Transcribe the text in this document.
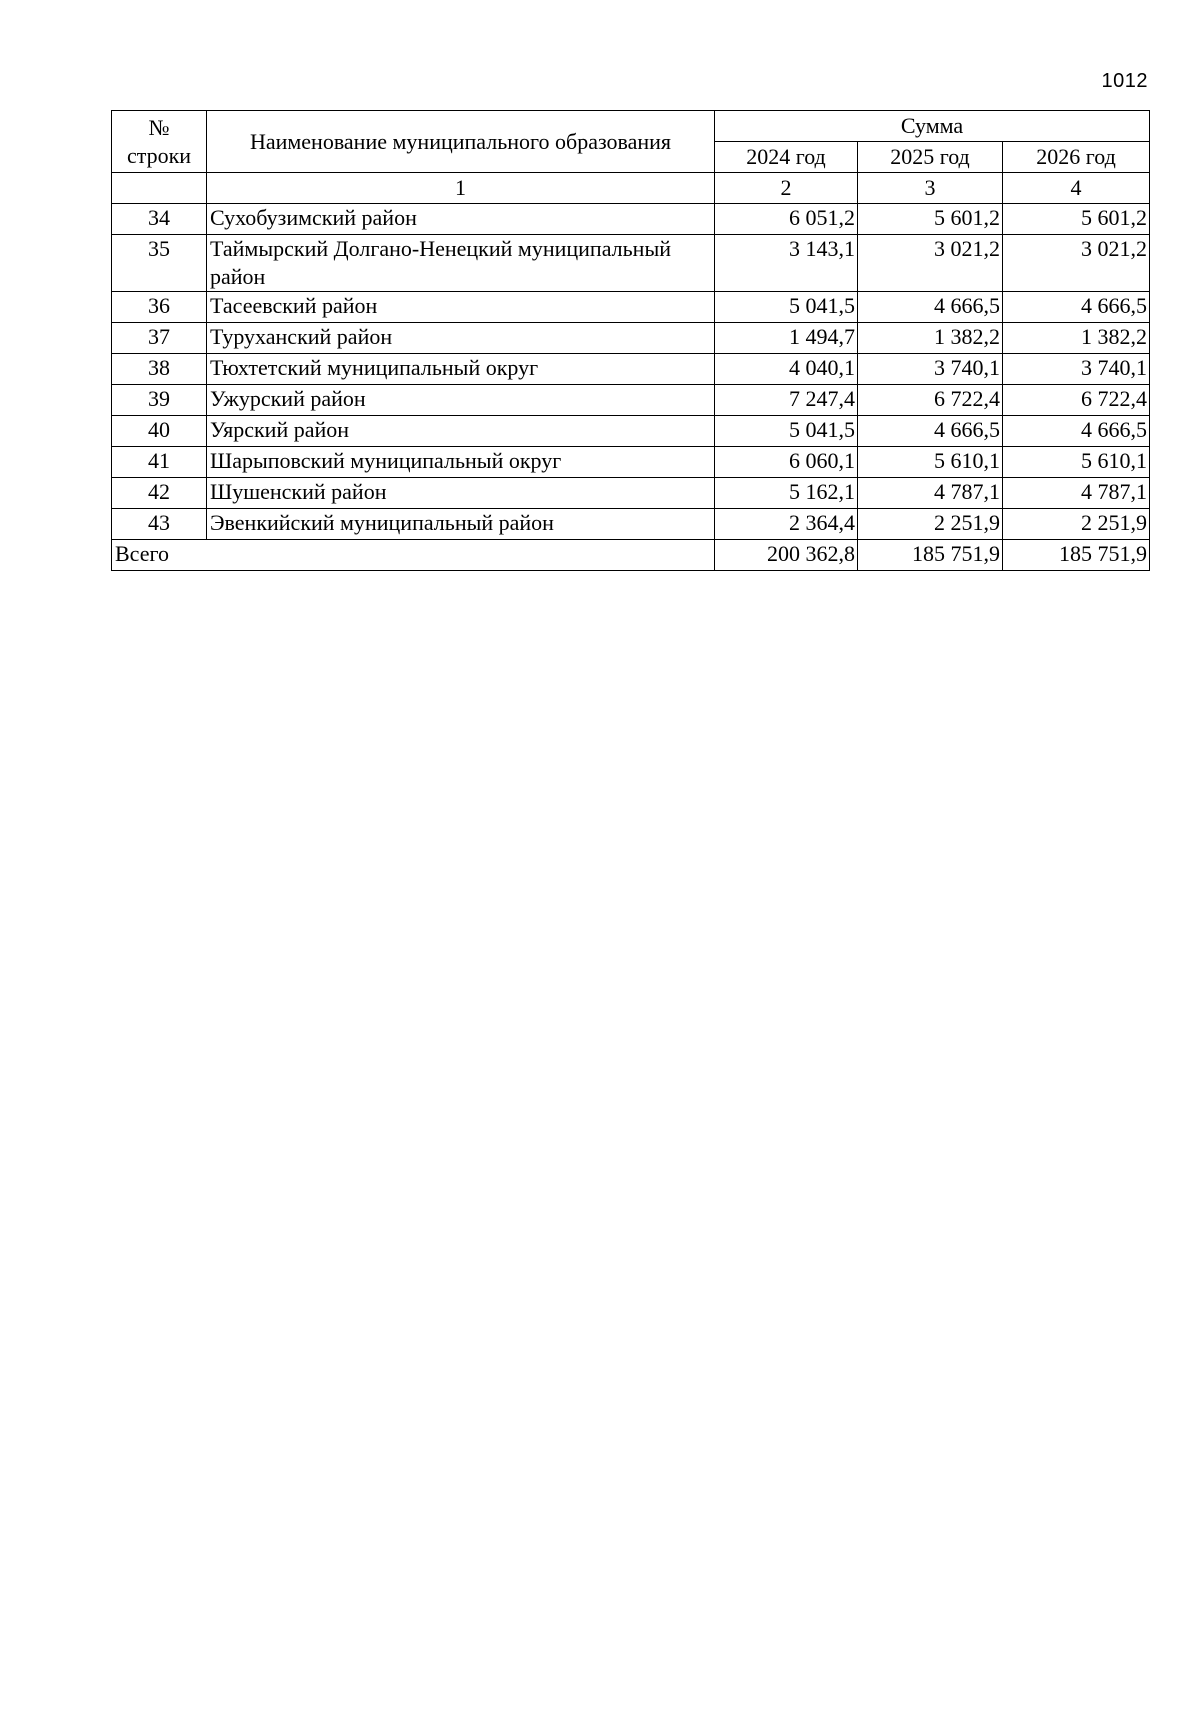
1012
№
строки	Наименование муниципального образования	Сумма		
		2024 год	2025 год	2026 год
	1	2	3	4
34	Сухобузимский район	6 051,2	5 601,2	5 601,2
35	Таймырский Долгано-Ненецкий муниципальный район	3 143,1	3 021,2	3 021,2
36	Тасеевский район	5 041,5	4 666,5	4 666,5
37	Туруханский район	1 494,7	1 382,2	1 382,2
38	Тюхтетский муниципальный округ	4 040,1	3 740,1	3 740,1
39	Ужурский район	7 247,4	6 722,4	6 722,4
40	Уярский район	5 041,5	4 666,5	4 666,5
41	Шарыповский муниципальный округ	6 060,1	5 610,1	5 610,1
42	Шушенский район	5 162,1	4 787,1	4 787,1
43	Эвенкийский муниципальный район	2 364,4	2 251,9	2 251,9
Всего		200 362,8	185 751,9	185 751,9
